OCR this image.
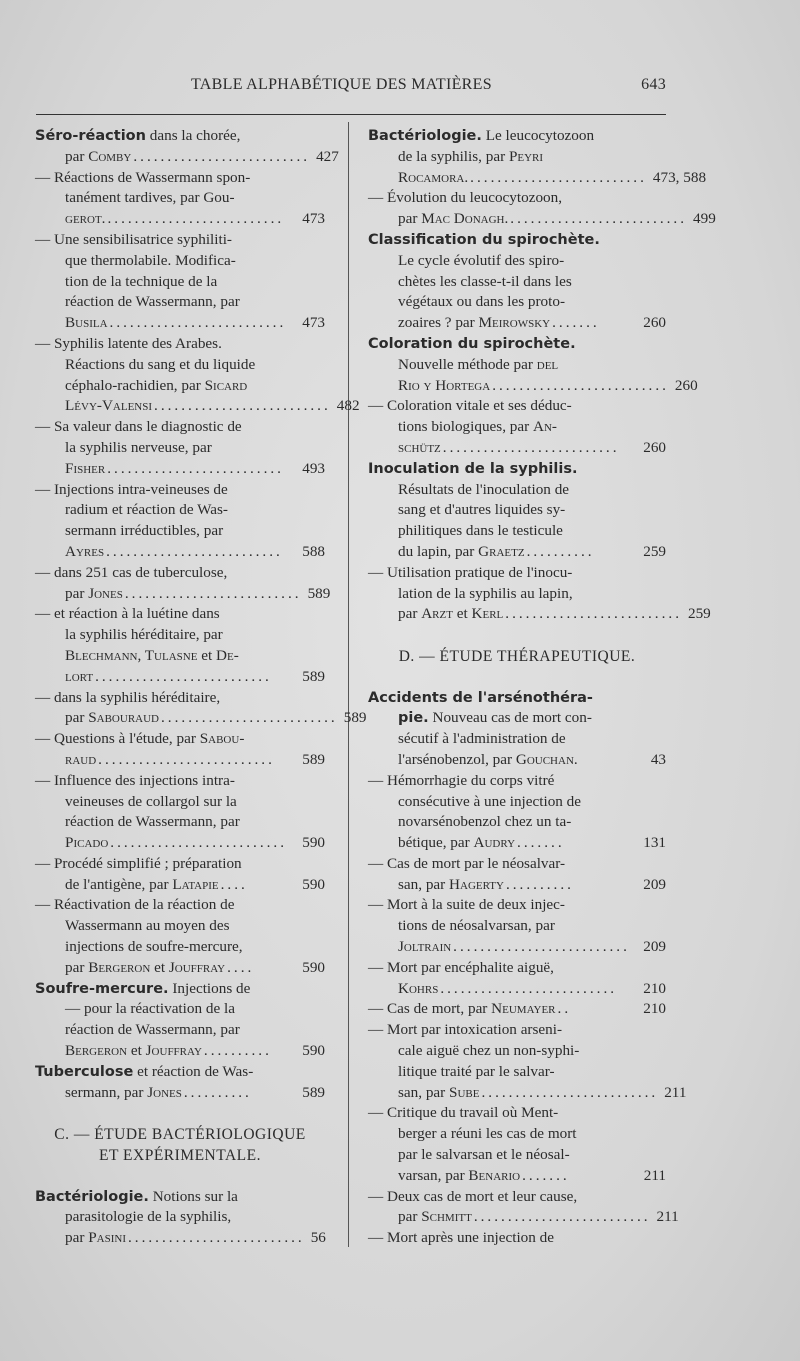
TABLE ALPHABÉTIQUE DES MATIÈRES	643
Séro-réaction dans la chorée,
par Comby .......................... 427
— Réactions de Wassermann spon-
tanément tardives, par Gou-
gerot. ..........................	473
— Une sensibilisatrice syphiliti-
que thermolabile. Modifica-
tion de la technique de la
réaction de Wassermann, par
Busila ..........................	473
— Syphilis latente des Arabes.
Réactions du sang et du liquide
céphalo-rachidien, par Sicard
Lévy-Valensi .......................... 482
— Sa valeur dans le diagnostic de
la syphilis nerveuse, par
Fisher ..........................	493
— Injections intra-veineuses de
radium et réaction de Was-
sermann irréductibles, par
Ayres ..........................	588
— dans 251 cas de tuberculose,
par Jones .......................... 589
— et réaction à la luétine dans
la syphilis héréditaire, par
Blechmann, Tulasne et De-
lort ..........................	589
— dans la syphilis héréditaire,
par Sabouraud .......................... 589
— Questions à l'étude, par Sabou-
raud ..........................	589
— Influence des injections intra-
veineuses de collargol sur la
réaction de Wassermann, par
Picado ..........................	590
— Procédé simplifié ; préparation
de l'antigène, par Latapie ....	590
— Réactivation de la réaction de
Wassermann au moyen des
injections de soufre-mercure,
par Bergeron et Jouffray ....	590
Soufre-mercure. Injections de
— pour la réactivation de la
réaction de Wassermann, par
Bergeron et Jouffray ..........	590
Tuberculose et réaction de Was-
sermann, par Jones ..........	589
C. — ÉTUDE BACTÉRIOLOGIQUE
ET EXPÉRIMENTALE.
Bactériologie. Notions sur la
parasitologie de la syphilis,
par Pasini .......................... 56
Bactériologie. Le leucocytozoon
de la syphilis, par Peyri
Rocamora. .......................... 473, 588
— Évolution du leucocytozoon,
par Mac Donagh. .......................... 499
Classification du spirochète.
Le cycle évolutif des spiro-
chètes les classe-t-il dans les
végétaux ou dans les proto-
zoaires ? par Meirowsky .......	260
Coloration du spirochète.
Nouvelle méthode par del
Rio y Hortega .......................... 260
— Coloration vitale et ses déduc-
tions biologiques, par An-
schütz ..........................	260
Inoculation de la syphilis.
Résultats de l'inoculation de
sang et d'autres liquides sy-
philitiques dans le testicule
du lapin, par Graetz ..........	259
— Utilisation pratique de l'inocu-
lation de la syphilis au lapin,
par Arzt et Kerl .......................... 259
D. — ÉTUDE THÉRAPEUTIQUE.
Accidents de l'arsénothéra-
pie. Nouveau cas de mort con-
sécutif à l'administration de
l'arsénobenzol, par Gouchan.	43
— Hémorrhagie du corps vitré
consécutive à une injection de
novarsénobenzol chez un ta-
bétique, par Audry .......	131
— Cas de mort par le néosalvar-
san, par Hagerty ..........	209
— Mort à la suite de deux injec-
tions de néosalvarsan, par
Joltrain .......................... 209
— Mort par encéphalite aiguë,
Kohrs ..........................	210
— Cas de mort, par Neumayer ..	210
— Mort par intoxication arseni-
cale aiguë chez un non-syphi-
litique traité par le salvar-
san, par Sube .......................... 211
— Critique du travail où Ment-
berger a réuni les cas de mort
par le salvarsan et le néosal-
varsan, par Benario .......	211
— Deux cas de mort et leur cause,
par Schmitt .......................... 211
— Mort après une injection de
